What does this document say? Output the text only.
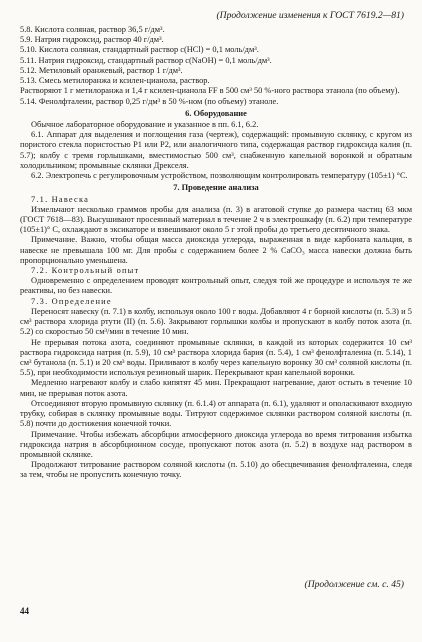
(Продолжение изменения к ГОСТ 7619.2—81)

5.8. Кислота соляная, раствор 36,5 г/дм³.

5.9. Натрия гидроксид, раствор 40 г/дм³.

5.10. Кислота соляная, стандартный раствор c(HCl) = 0,1 моль/дм³.

5.11. Натрия гидроксид, стандартный раствор c(NaOH) = 0,1 моль/дм³.

5.12. Метиловый оранжевый, раствор 1 г/дм³.

5.13. Смесь метилоранжа и ксилен-цианола, раствор.

Растворяют 1 г метилоранжа и 1,4 г ксилен-цианола FF в 500 см³ 50 %-ного раствора этанола (по объему).

5.14. Фенолфталеин, раствор 0,25 г/дм³ в 50 %-ном (по объему) этаноле.

6. Оборудование

Обычное лабораторное оборудование и указанное в пп. 6.1, 6.2.

6.1. Аппарат для выделения и поглощения газа (чертеж), содержащий: промывную склянку, с кругом из пористого стекла пористостью Р1 или Р2, или аналогичного типа, содержащая раствор гидроксида калия (п. 5.7); колбу с тремя горлышками, вместимостью 500 см³, снабженную капельной воронкой и обратным холодильником; промывные склянки Дрекселя.

6.2. Электропечь с регулировочным устройством, позволяющим контролировать температуру (105±1) °С.

7. Проведение анализа

7.1. Навеска

Измельчают несколько граммов пробы для анализа (п. 3) в агатовой ступке до размера частиц 63 мкм (ГОСТ 7618—83). Высушивают просеянный материал в течение 2 ч в электрошкафу (п. 6.2) при температуре (105±1)° С, охлаждают в эксикаторе и взвешивают около 5 г этой пробы до третьего десятичного знака.

Примечание. Важно, чтобы общая масса диоксида углерода, выраженная в виде карбоната кальция, в навеске не превышала 100 мг. Для пробы с содержанием более 2 % CaCO₃ масса навески должна быть пропорционально уменьшена.

7.2. Контрольный опыт

Одновременно с определением проводят контрольный опыт, следуя той же процедуре и используя те же реактивы, но без навески.

7.3. Определение

Переносят навеску (п. 7.1) в колбу, используя около 100 г воды. Добавляют 4 г борной кислоты (п. 5.3) и 5 см³ раствора хлорида ртути (II) (п. 5.6). Закрывают горлышки колбы и пропускают в колбу поток азота (п. 5.2) со скоростью 50 см³/мин в течение 10 мин.

Не прерывая потока азота, соединяют промывные склянки, в каждой из которых содержится 10 см³ раствора гидроксида натрия (п. 5.9), 10 см³ раствора хлорида бария (п. 5.4), 1 см³ фенолфталеина (п. 5.14), 1 см³ бутанола (п. 5.1) и 20 см³ воды. Приливают в колбу через капельную воронку 30 см³ соляной кислоты (п. 5.5), при необходимости используя резиновый шарик. Перекрывают кран капельной воронки.

Медленно нагревают колбу и слабо кипятят 45 мин. Прекращают нагревание, дают остыть в течение 10 мин, не прерывая поток азота.

Отсоединяют вторую промывную склянку (п. 6.1.4) от аппарата (п. 6.1), удаляют и ополаскивают входную трубку, собирая в склянку промывные воды. Титруют содержимое склянки раствором соляной кислоты (п. 5.8) почти до достижения конечной точки.

Примечание. Чтобы избежать абсорбции атмосферного диоксида углерода во время титрования избытка гидроксида натрия в абсорбционном сосуде, пропускают поток азота (п. 5.2) в воздухе над раствором в промывной склянке.

Продолжают титрование раствором соляной кислоты (п. 5.10) до обесцвечивания фенолфталеина, следя за тем, чтобы не пропустить конечную точку.

(Продолжение см. с. 45)
44
